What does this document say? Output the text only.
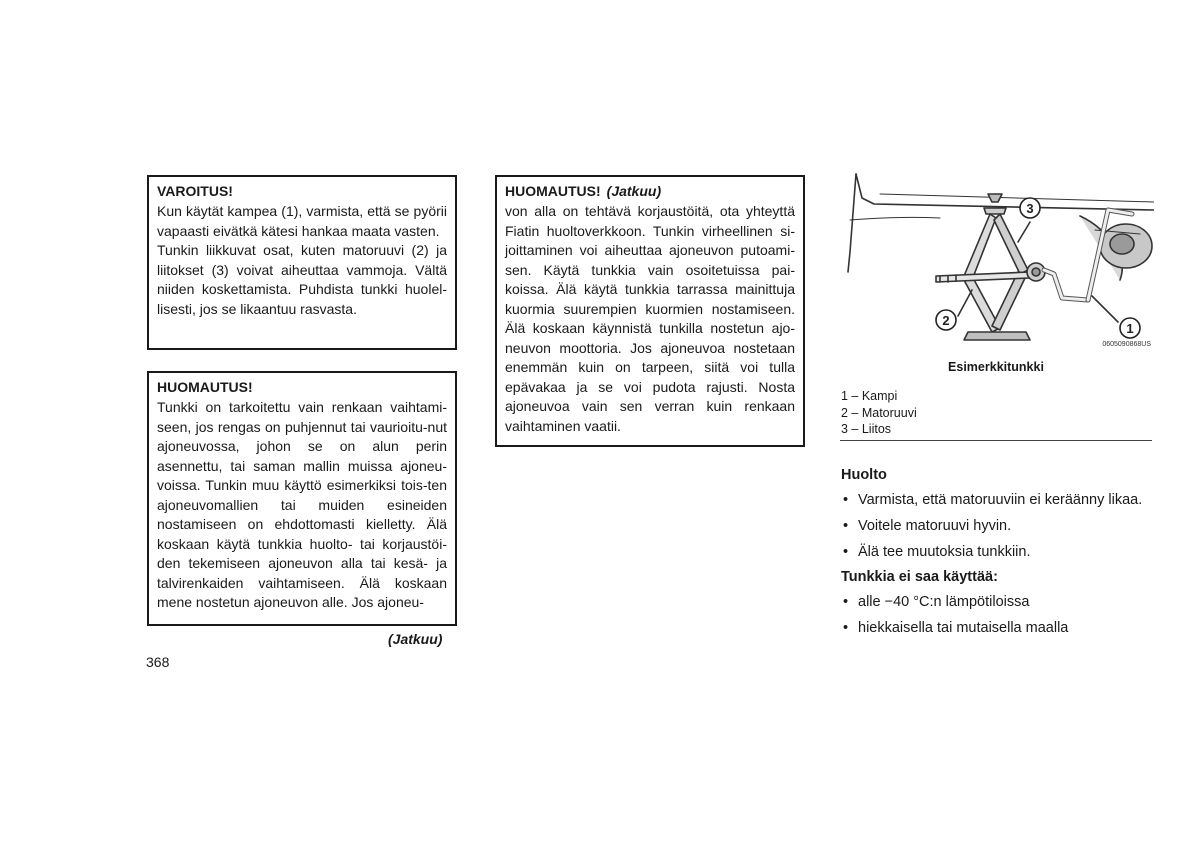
VAROITUS!
Kun käytät kampea (1), varmista, että se pyörii vapaasti eivätkä kätesi hankaa maata vasten.
Tunkin liikkuvat osat, kuten matoruuvi (2) ja liitokset (3) voivat aiheuttaa vammoja. Vältä niiden koskettamista. Puhdista tunkki huolel-lisesti, jos se likaantuu rasvasta.
HUOMAUTUS!
Tunkki on tarkoitettu vain renkaan vaihtami-seen, jos rengas on puhjennut tai vaurioitu-nut ajoneuvossa, johon se on alun perin asennettu, tai saman mallin muissa ajoneu-voissa. Tunkin muu käyttö esimerkiksi tois-ten ajoneuvomallien tai muiden esineiden nostamiseen on ehdottomasti kielletty. Älä koskaan käytä tunkkia huolto- tai korjaustöi-den tekemiseen ajoneuvon alla tai kesä- ja talvirenkaiden vaihtamiseen. Älä koskaan mene nostetun ajoneuvon alle. Jos ajoneu-
(Jatkuu)
368
HUOMAUTUS! (Jatkuu)
von alla on tehtävä korjaustöitä, ota yhteyttä Fiatin huoltoverkkoon. Tunkin virheellinen si-joittaminen voi aiheuttaa ajoneuvon putoami-sen. Käytä tunkkia vain osoitetuissa pai-koissa. Älä käytä tunkkia tarrassa mainittuja kuormia suurempien kuormien nostamiseen. Älä koskaan käynnistä tunkilla nostetun ajo-neuvon moottoria. Jos ajoneuvoa nostetaan enemmän kuin on tarpeen, siitä voi tulla epävakaa ja se voi pudota rajusti. Nosta ajoneuvoa vain sen verran kuin renkaan vaihtaminen vaatii.
3
2
1
0605090868US
Esimerkkitunkki
1 – Kampi
2 – Matoruuvi
3 – Liitos
Huolto
• Varmista, että matoruuviin ei keräänny likaa.
• Voitele matoruuvi hyvin.
• Älä tee muutoksia tunkkiin.
Tunkkia ei saa käyttää:
• alle −40 °C:n lämpötiloissa
• hiekkaisella tai mutaisella maalla
